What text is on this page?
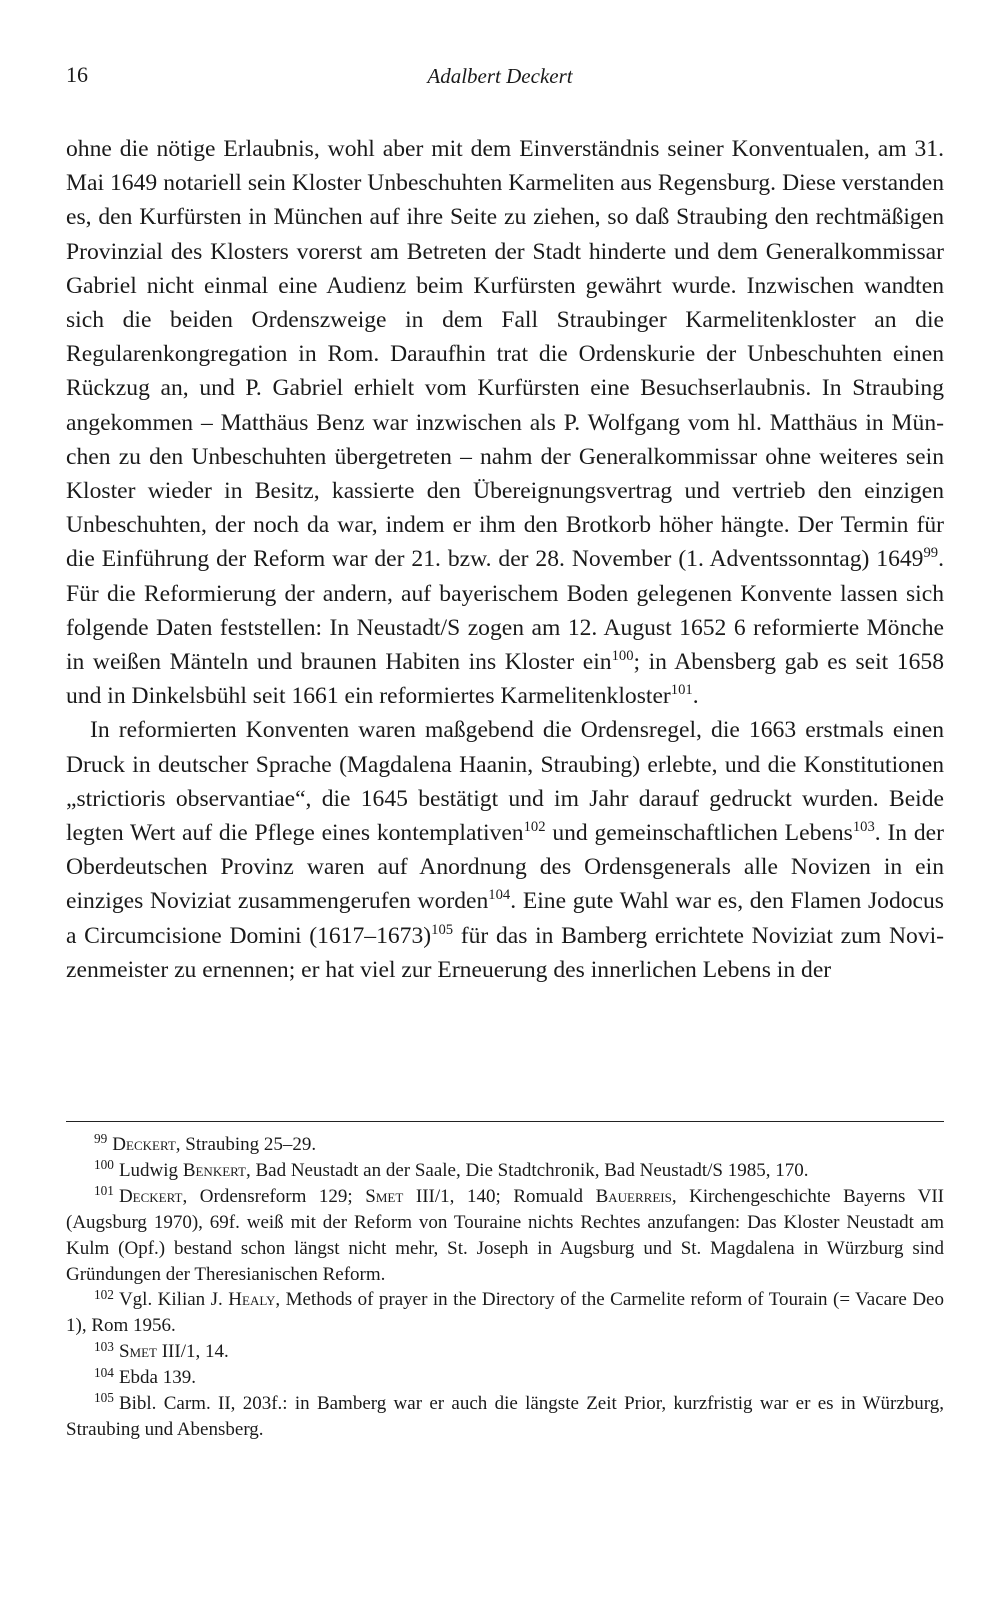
16	Adalbert Deckert

ohne die nötige Erlaubnis, wohl aber mit dem Einverständnis seiner Konventualen, am 31. Mai 1649 notariell sein Kloster Unbeschuhten Karmeliten aus Regensburg. Diese verstanden es, den Kurfürsten in München auf ihre Seite zu ziehen, so daß Straubing den rechtmäßigen Provinzial des Klosters vorerst am Betreten der Stadt hinderte und dem Generalkommissar Gabriel nicht einmal eine Audienz beim Kurfürsten gewährt wurde. Inzwischen wandten sich die beiden Ordenszweige in dem Fall Straubinger Karmelitenkloster an die Regularenkongregation in Rom. Daraufhin trat die Ordenskurie der Unbeschuhten einen Rückzug an, und P. Gabriel erhielt vom Kurfürsten eine Besuchserlaubnis. In Straubing angekommen – Matthäus Benz war inzwischen als P. Wolfgang vom hl. Matthäus in München zu den Unbeschuhten übergetreten – nahm der Generalkommissar ohne weiteres sein Kloster wieder in Besitz, kassierte den Übereignungsvertrag und vertrieb den einzigen Unbeschuhten, der noch da war, indem er ihm den Brotkorb höher hängte. Der Termin für die Einführung der Reform war der 21. bzw. der 28. November (1. Adventssonntag) 1649$^{99}$. Für die Reformierung der andern, auf bayerischem Boden gelegenen Konvente lassen sich folgende Daten feststellen: In Neustadt/S zogen am 12. August 1652 6 reformierte Mönche in weißen Mänteln und braunen Habiten ins Kloster ein$^{100}$; in Abensberg gab es seit 1658 und in Dinkelsbühl seit 1661 ein reformiertes Karmelitenkloster$^{101}$.

In reformierten Konventen waren maßgebend die Ordensregel, die 1663 erstmals einen Druck in deutscher Sprache (Magdalena Haanin, Straubing) erlebte, und die Konstitutionen „strictioris observantiae“, die 1645 bestätigt und im Jahr darauf gedruckt wurden. Beide legten Wert auf die Pflege eines kontemplativen$^{102}$ und gemeinschaftlichen Lebens$^{103}$. In der Oberdeutschen Provinz waren auf Anordnung des Ordensgenerals alle Novizen in ein einziges Noviziat zusammengerufen worden$^{104}$. Eine gute Wahl war es, den Flamen Jodocus a Circumcisione Domini (1617–1673)$^{105}$ für das in Bamberg errichtete Noviziat zum Novizenmeister zu ernennen; er hat viel zur Erneuerung des innerlichen Lebens in der

$^{99}$ Deckert, Straubing 25–29.

$^{100}$ Ludwig Benkert, Bad Neustadt an der Saale, Die Stadtchronik, Bad Neustadt/S 1985, 170.

$^{101}$ Deckert, Ordensreform 129; Smet III/1, 140; Romuald Bauerreis, Kirchengeschichte Bayerns VII (Augsburg 1970), 69f. weiß mit der Reform von Touraine nichts Rechtes anzufangen: Das Kloster Neustadt am Kulm (Opf.) bestand schon längst nicht mehr, St. Joseph in Augsburg und St. Magdalena in Würzburg sind Gründungen der Theresianischen Reform.

$^{102}$ Vgl. Kilian J. Healy, Methods of prayer in the Directory of the Carmelite reform of Tourain (= Vacare Deo 1), Rom 1956.

$^{103}$ Smet III/1, 14.

$^{104}$ Ebda 139.

$^{105}$ Bibl. Carm. II, 203f.: in Bamberg war er auch die längste Zeit Prior, kurzfristig war er es in Würzburg, Straubing und Abensberg.
